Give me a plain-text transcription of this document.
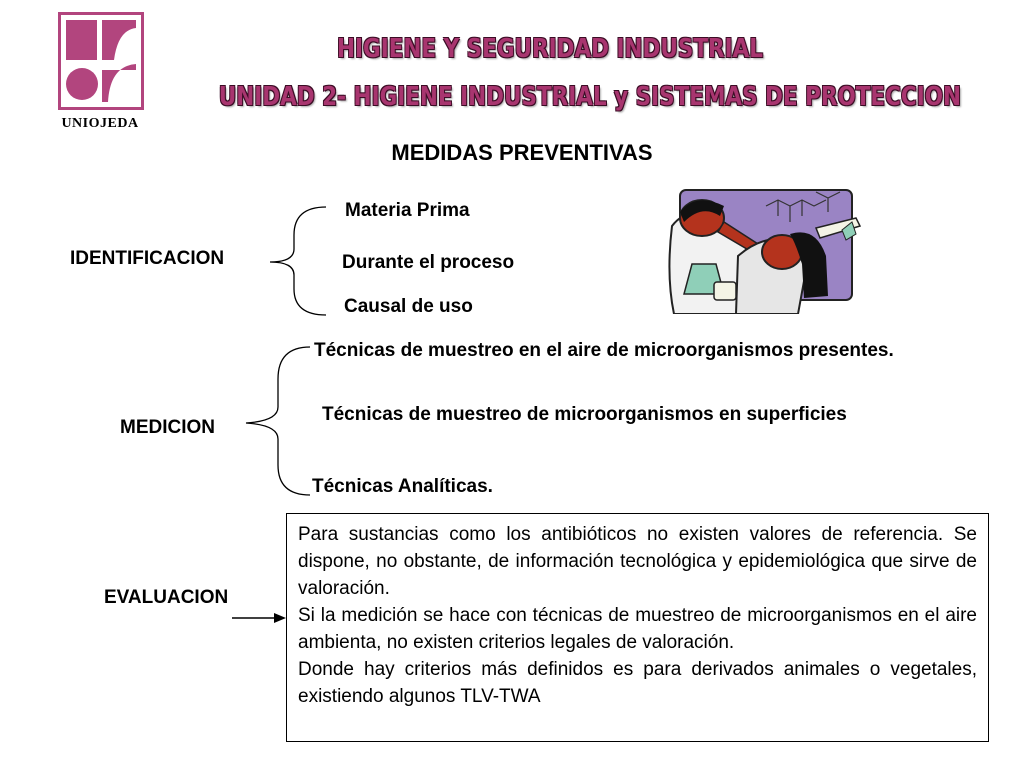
UNIOJEDA
HIGIENE Y SEGURIDAD INDUSTRIAL
UNIDAD 2- HIGIENE INDUSTRIAL y SISTEMAS DE PROTECCION
MEDIDAS PREVENTIVAS
IDENTIFICACION
Materia Prima
Durante el proceso
Causal de uso
MEDICION
Técnicas de muestreo en el aire de microorganismos presentes.
Técnicas de muestreo de microorganismos en superficies
Técnicas Analíticas.
EVALUACION

Para sustancias como los antibióticos no existen valores de referencia. Se dispone, no obstante, de información tecnológica y epidemiológica que sirve de valoración.

Si la medición se hace con técnicas de muestreo de microorganismos en el aire ambienta, no existen criterios legales de valoración.

Donde hay criterios más definidos es para derivados animales o vegetales, existiendo algunos TLV-TWA
